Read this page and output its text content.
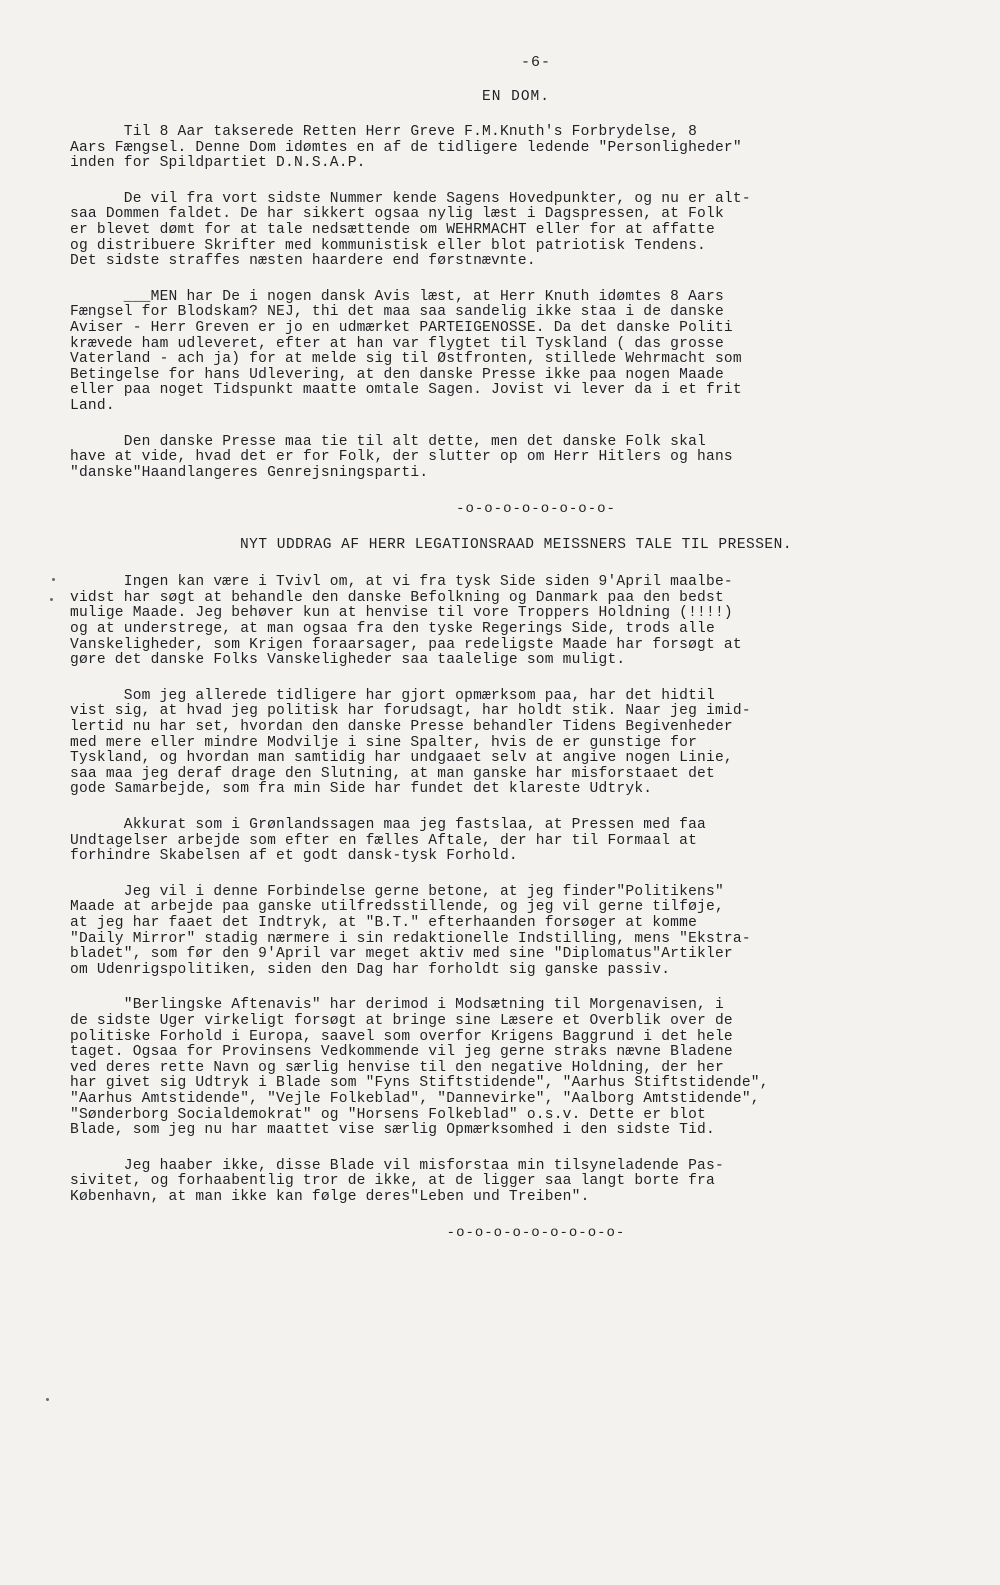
-6-
EN DOM.
Til 8 Aar takserede Retten Herr Greve F.M.Knuth's Forbrydelse, 8
Aars Fængsel. Denne Dom idømtes en af de tidligere ledende "Personligheder"
inden for Spildpartiet D.N.S.A.P.
De vil fra vort sidste Nummer kende Sagens Hovedpunkter, og nu er alt-
saa Dommen faldet. De har sikkert ogsaa nylig læst i Dagspressen, at Folk
er blevet dømt for at tale nedsættende om WEHRMACHT eller for at affatte
og distribuere Skrifter med kommunistisk eller blot patriotisk Tendens.
Det sidste straffes næsten haardere end førstnævnte.
___MEN har De i nogen dansk Avis læst, at Herr Knuth idømtes 8 Aars
Fængsel for Blodskam? NEJ, thi det maa saa sandelig ikke staa i de danske
Aviser - Herr Greven er jo en udmærket PARTEIGENOSSE. Da det danske Politi
krævede ham udleveret, efter at han var flygtet til Tyskland ( das grosse
Vaterland - ach ja) for at melde sig til Østfronten, stillede Wehrmacht som
Betingelse for hans Udlevering, at den danske Presse ikke paa nogen Maade
eller paa noget Tidspunkt maatte omtale Sagen. Jovist vi lever da i et frit
Land.
Den danske Presse maa tie til alt dette, men det danske Folk skal
have at vide, hvad det er for Folk, der slutter op om Herr Hitlers og hans
"danske"Haandlangeres Genrejsningsparti.
-o-o-o-o-o-o-o-o-
NYT UDDRAG AF HERR LEGATIONSRAAD MEISSNERS TALE TIL PRESSEN.
Ingen kan være i Tvivl om, at vi fra tysk Side siden 9'April maalbe-
vidst har søgt at behandle den danske Befolkning og Danmark paa den bedst
mulige Maade. Jeg behøver kun at henvise til vore Troppers Holdning (!!!!)
og at understrege, at man ogsaa fra den tyske Regerings Side, trods alle
Vanskeligheder, som Krigen foraarsager, paa redeligste Maade har forsøgt at
gøre det danske Folks Vanskeligheder saa taalelige som muligt.
Som jeg allerede tidligere har gjort opmærksom paa, har det hidtil
vist sig, at hvad jeg politisk har forudsagt, har holdt stik. Naar jeg imid-
lertid nu har set, hvordan den danske Presse behandler Tidens Begivenheder
med mere eller mindre Modvilje i sine Spalter, hvis de er gunstige for
Tyskland, og hvordan man samtidig har undgaaet selv at angive nogen Linie,
saa maa jeg deraf drage den Slutning, at man ganske har misforstaaet det
gode Samarbejde, som fra min Side har fundet det klareste Udtryk.
Akkurat som i Grønlandssagen maa jeg fastslaa, at Pressen med faa
Undtagelser arbejde som efter en fælles Aftale, der har til Formaal at
forhindre Skabelsen af et godt dansk-tysk Forhold.
Jeg vil i denne Forbindelse gerne betone, at jeg finder"Politikens"
Maade at arbejde paa ganske utilfredsstillende, og jeg vil gerne tilføje,
at jeg har faaet det Indtryk, at "B.T." efterhaanden forsøger at komme
"Daily Mirror" stadig nærmere i sin redaktionelle Indstilling, mens "Ekstra-
bladet", som før den 9'April var meget aktiv med sine "Diplomatus"Artikler
om Udenrigspolitiken, siden den Dag har forholdt sig ganske passiv.
"Berlingske Aftenavis" har derimod i Modsætning til Morgenavisen, i
de sidste Uger virkeligt forsøgt at bringe sine Læsere et Overblik over de
politiske Forhold i Europa, saavel som overfor Krigens Baggrund i det hele
taget. Ogsaa for Provinsens Vedkommende vil jeg gerne straks nævne Bladene
ved deres rette Navn og særlig henvise til den negative Holdning, der her
har givet sig Udtryk i Blade som "Fyns Stiftstidende", "Aarhus Stiftstidende",
"Aarhus Amtstidende", "Vejle Folkeblad", "Dannevirke", "Aalborg Amtstidende",
"Sønderborg Socialdemokrat" og "Horsens Folkeblad" o.s.v. Dette er blot
Blade, som jeg nu har maattet vise særlig Opmærksomhed i den sidste Tid.
Jeg haaber ikke, disse Blade vil misforstaa min tilsyneladende Pas-
sivitet, og forhaabentlig tror de ikke, at de ligger saa langt borte fra
København, at man ikke kan følge deres"Leben und Treiben".
-o-o-o-o-o-o-o-o-o-
